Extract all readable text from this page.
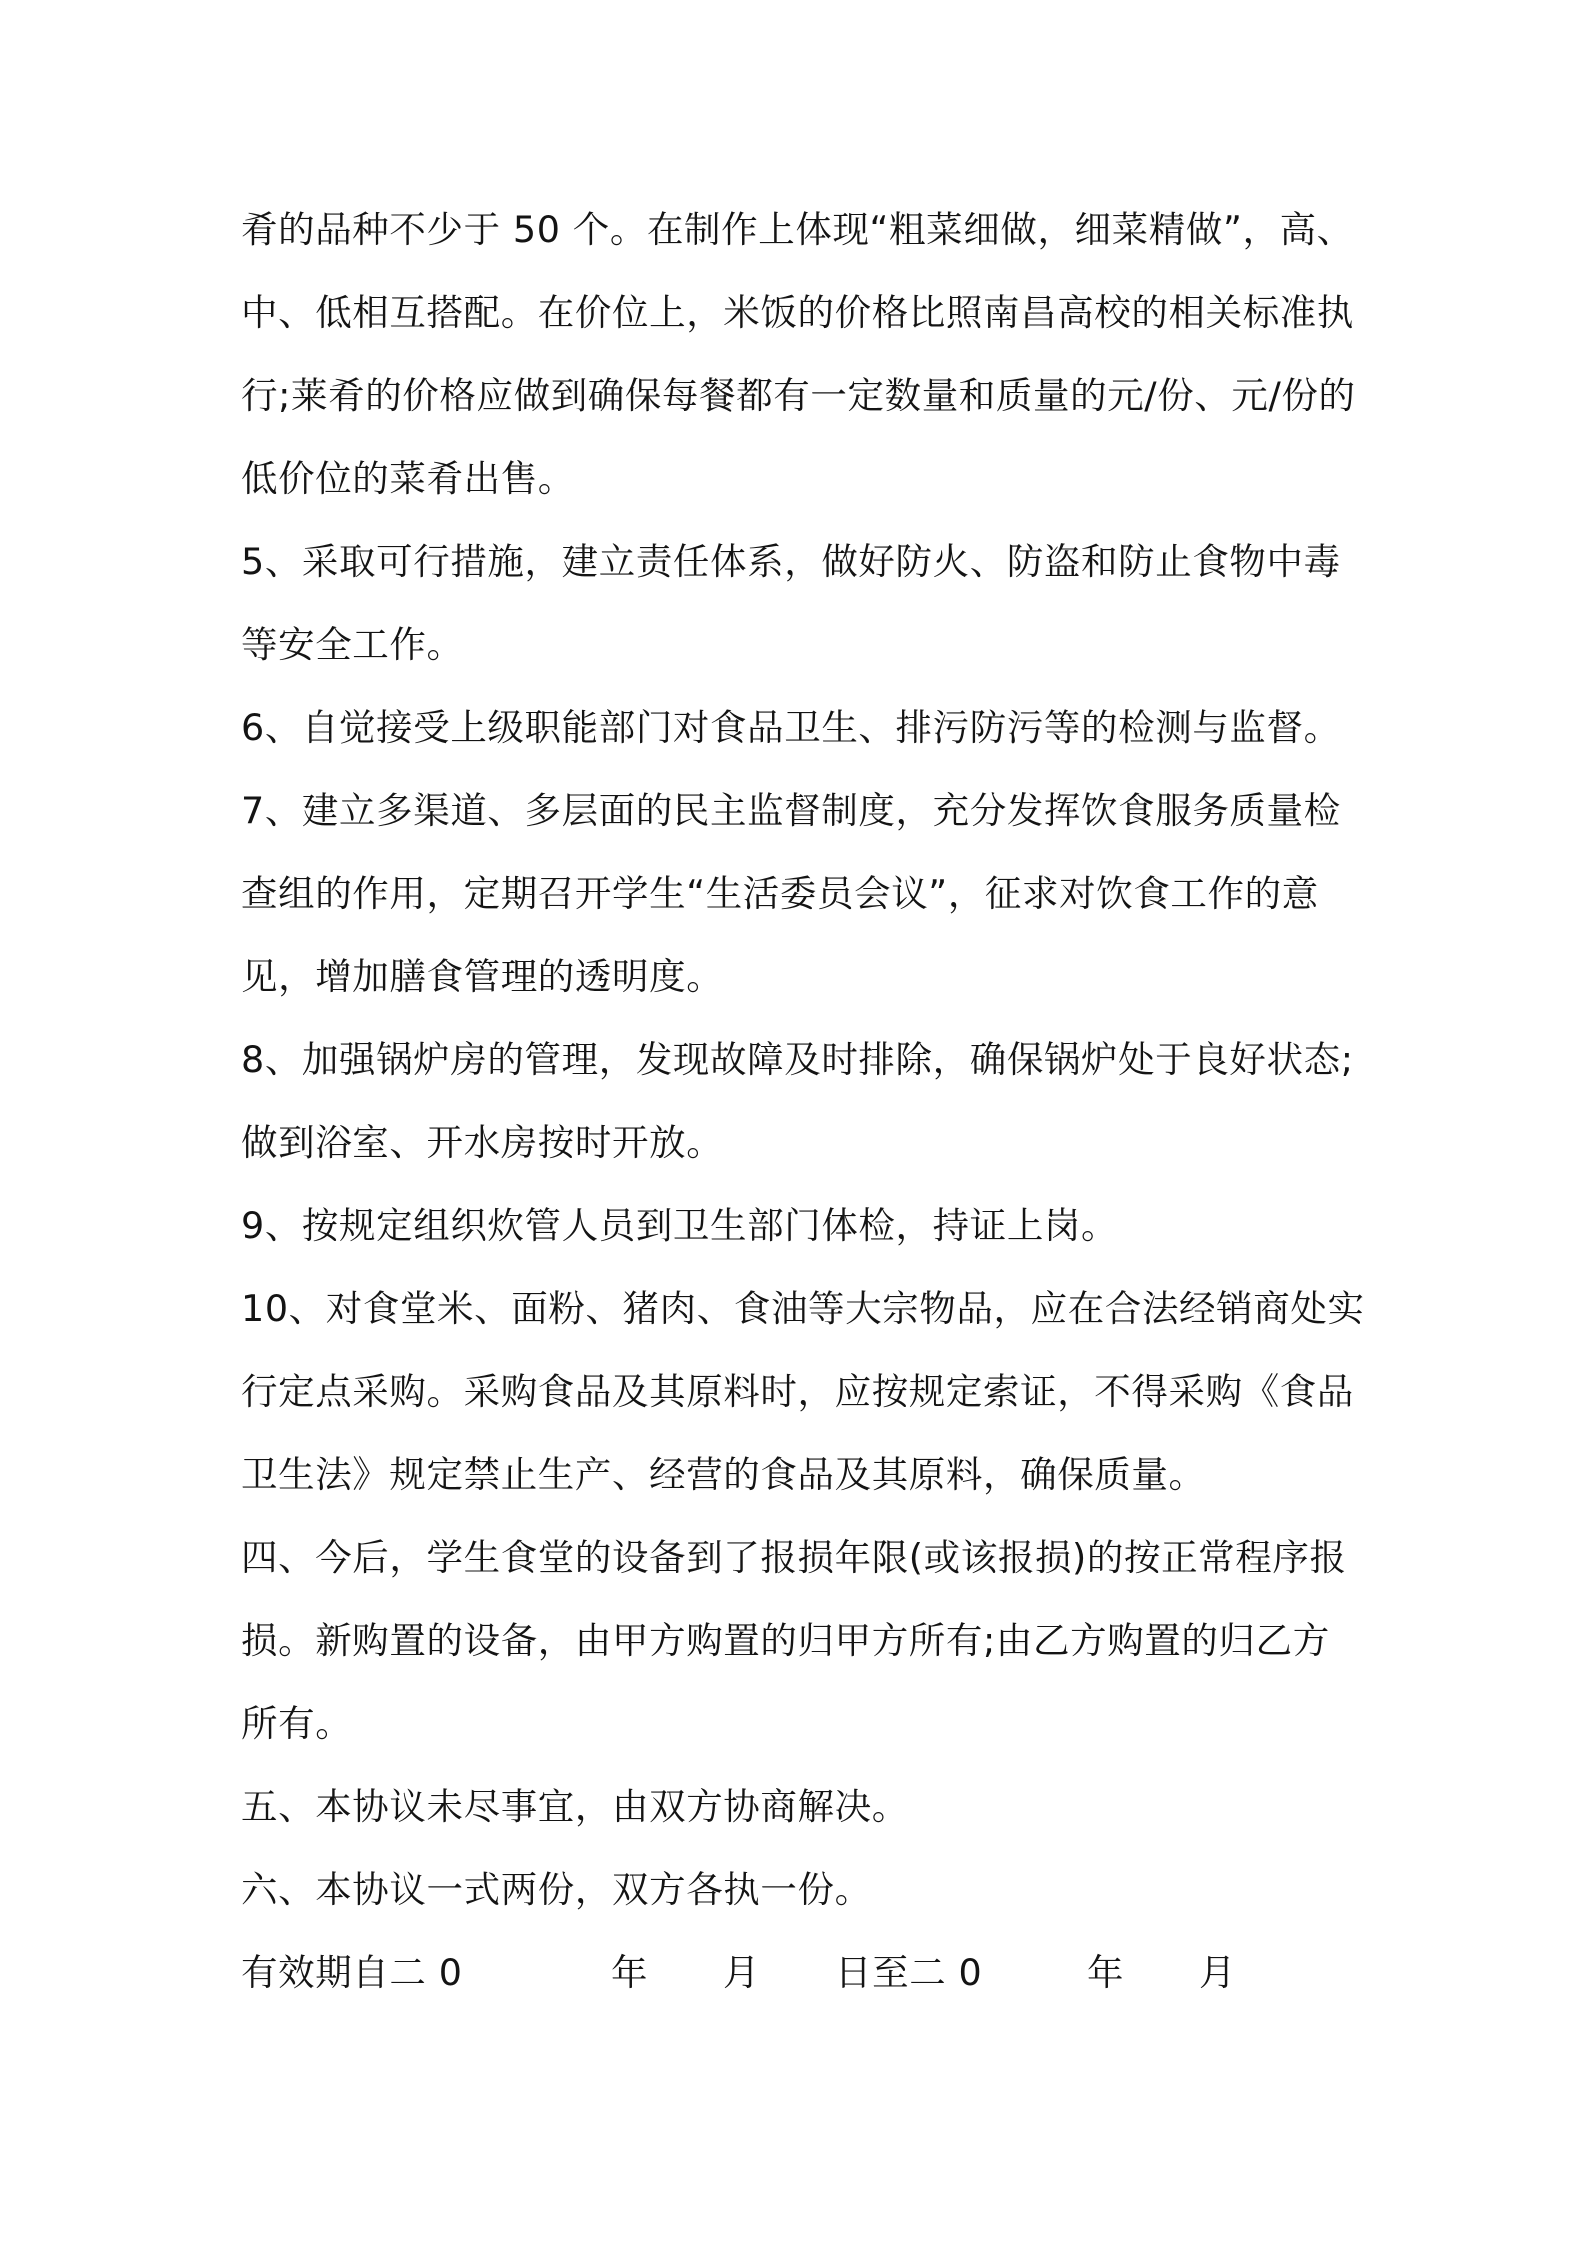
肴的品种不少于 50 个。在制作上体现“粗菜细做，细菜精做”，高、
中、低相互搭配。在价位上，米饭的价格比照南昌高校的相关标准执
行;莱肴的价格应做到确保每餐都有一定数量和质量的元/份、元/份的
低价位的菜肴出售。
5、采取可行措施，建立责任体系，做好防火、防盗和防止食物中毒
等安全工作。
6、自觉接受上级职能部门对食品卫生、排污防污等的检测与监督。
7、建立多渠道、多层面的民主监督制度，充分发挥饮食服务质量检
查组的作用，定期召开学生“生活委员会议”，征求对饮食工作的意
见，增加膳食管理的透明度。
8、加强锅炉房的管理，发现故障及时排除，确保锅炉处于良好状态;
做到浴室、开水房按时开放。
9、按规定组织炊管人员到卫生部门体检，持证上岗。
10、对食堂米、面粉、猪肉、食油等大宗物品，应在合法经销商处实
行定点采购。采购食品及其原料时，应按规定索证，不得采购《食品
卫生法》规定禁止生产、经营的食品及其原料，确保质量。
四、今后，学生食堂的设备到了报损年限(或该报损)的按正常程序报
损。新购置的设备，由甲方购置的归甲方所有;由乙方购置的归乙方
所有。
五、本协议未尽事宜，由双方协商解决。
六、本协议一式两份，双方各执一份。
有效期自二 0	年 月 日至二 0	年 月
